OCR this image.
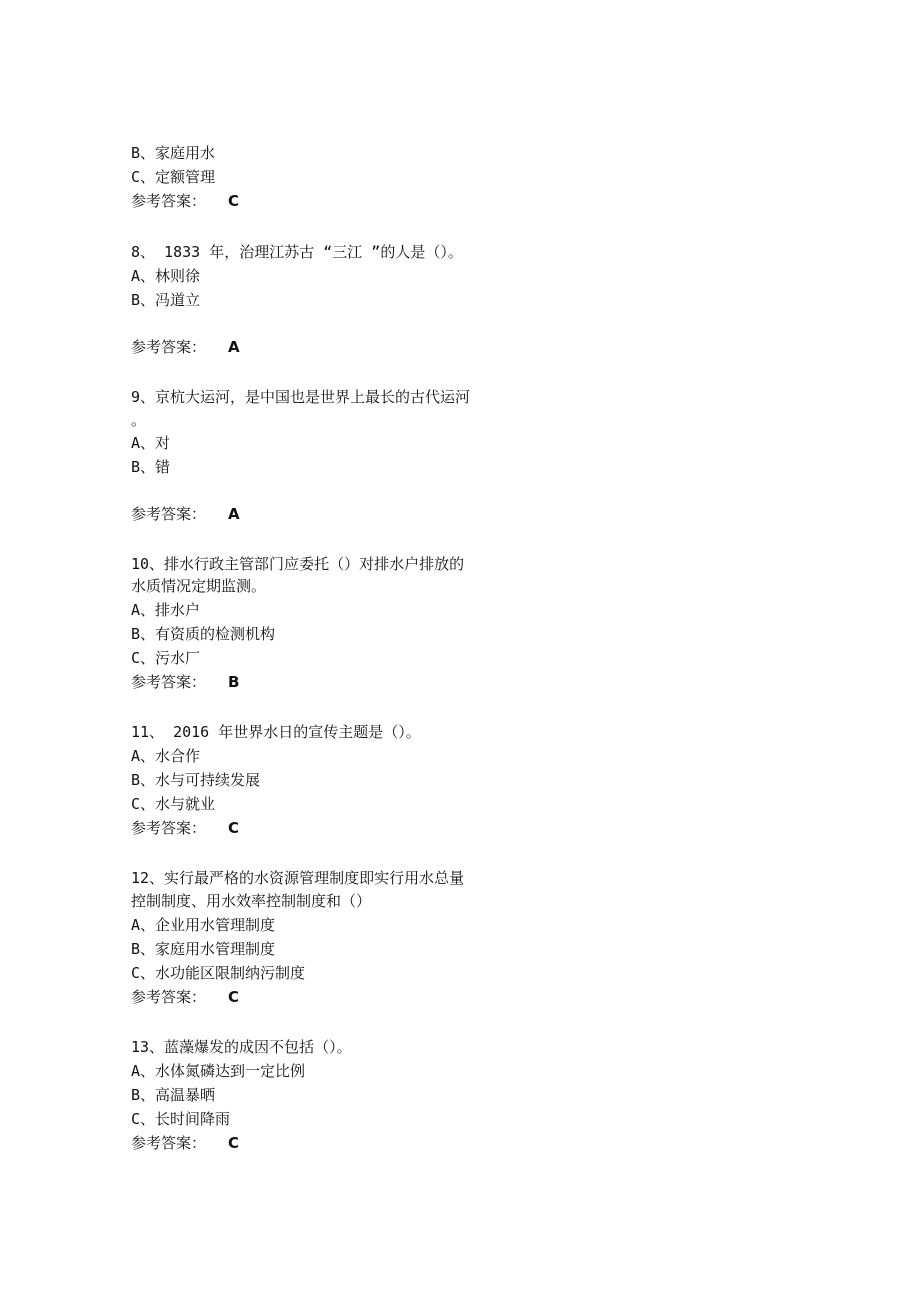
B、家庭用水
C、定额管理
参考答案： C
8、 1833 年，治理江苏古 “三江 ”的人是（）。
A、林则徐
B、冯道立
参考答案： A
9、京杭大运河，是中国也是世界上最长的古代运河
。
A、对
B、错
参考答案： A
10、排水行政主管部门应委托（）对排水户排放的
水质情况定期监测。
A、排水户
B、有资质的检测机构
C、污水厂
参考答案： B
11、 2016 年世界水日的宣传主题是（）。
A、水合作
B、水与可持续发展
C、水与就业
参考答案： C
12、实行最严格的水资源管理制度即实行用水总量
控制制度、用水效率控制制度和（）
A、企业用水管理制度
B、家庭用水管理制度
C、水功能区限制纳污制度
参考答案： C
13、蓝藻爆发的成因不包括（）。
A、水体氮磷达到一定比例
B、高温暴晒
C、长时间降雨
参考答案： C
